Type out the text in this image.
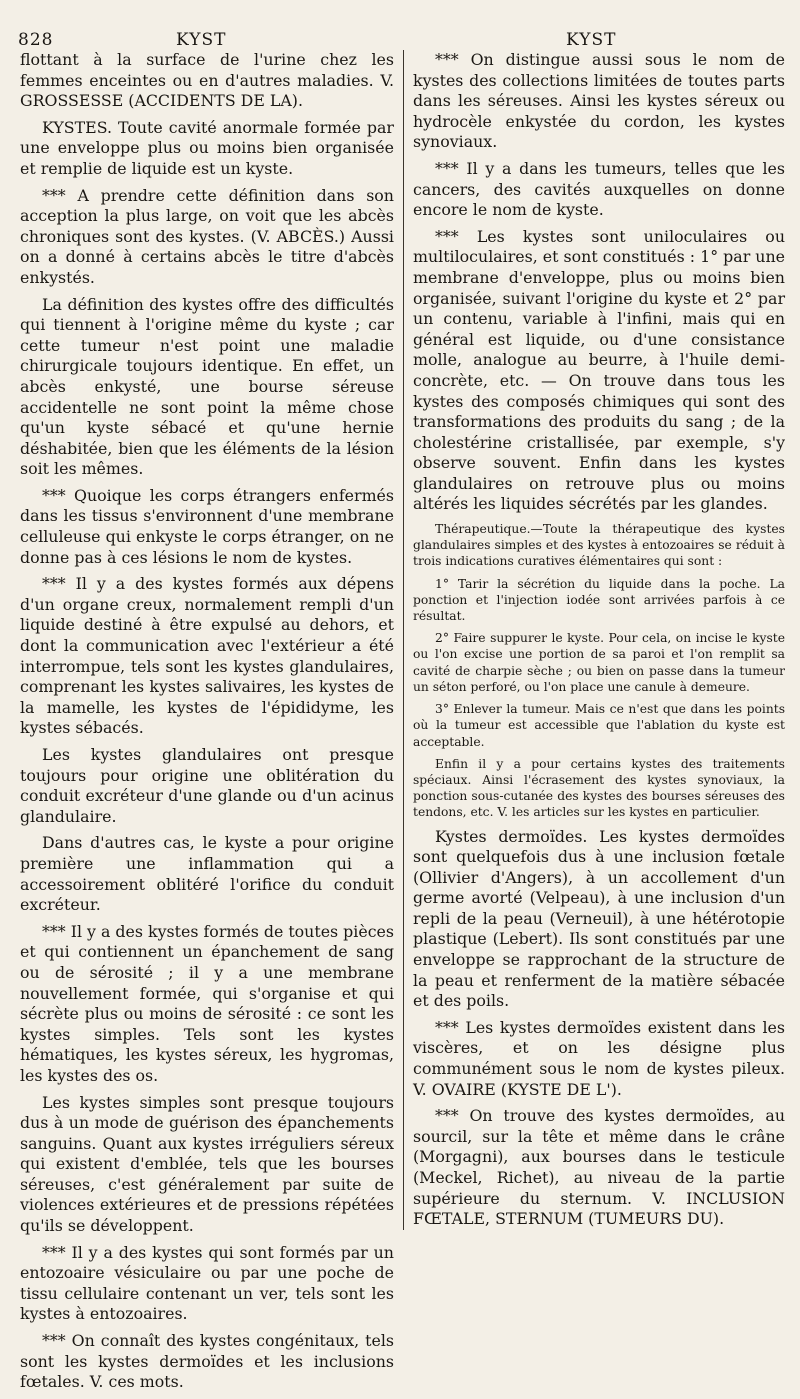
828	KYST	KYST

flottant à la surface de l'urine chez les femmes enceintes ou en d'autres maladies. V. GROSSESSE (ACCIDENTS DE LA).

KYSTES. Toute cavité anormale formée par une enveloppe plus ou moins bien organisée et remplie de liquide est un kyste.

*** A prendre cette définition dans son acception la plus large, on voit que les abcès chroniques sont des kystes. (V. ABCÈS.) Aussi on a donné à certains abcès le titre d'abcès enkystés.

La définition des kystes offre des difficultés qui tiennent à l'origine même du kyste ; car cette tumeur n'est point une maladie chirurgicale toujours identique. En effet, un abcès enkysté, une bourse séreuse accidentelle ne sont point la même chose qu'un kyste sébacé et qu'une hernie déshabitée, bien que les éléments de la lésion soit les mêmes.

*** Quoique les corps étrangers enfermés dans les tissus s'environnent d'une membrane celluleuse qui enkyste le corps étranger, on ne donne pas à ces lésions le nom de kystes.

*** Il y a des kystes formés aux dépens d'un organe creux, normalement rempli d'un liquide destiné à être expulsé au dehors, et dont la communication avec l'extérieur a été interrompue, tels sont les kystes glandulaires, comprenant les kystes salivaires, les kystes de la mamelle, les kystes de l'épididyme, les kystes sébacés.

Les kystes glandulaires ont presque toujours pour origine une oblitération du conduit excréteur d'une glande ou d'un acinus glandulaire.

Dans d'autres cas, le kyste a pour origine première une inflammation qui a accessoirement oblitéré l'orifice du conduit excréteur.

*** Il y a des kystes formés de toutes pièces et qui contiennent un épanchement de sang ou de sérosité ; il y a une membrane nouvellement formée, qui s'organise et qui sécrète plus ou moins de sérosité : ce sont les kystes simples. Tels sont les kystes hématiques, les kystes séreux, les hygromas, les kystes des os.

Les kystes simples sont presque toujours dus à un mode de guérison des épanchements sanguins. Quant aux kystes irréguliers séreux qui existent d'emblée, tels que les bourses séreuses, c'est généralement par suite de violences extérieures et de pressions répétées qu'ils se développent.

*** Il y a des kystes qui sont formés par un entozoaire vésiculaire ou par une poche de tissu cellulaire contenant un ver, tels sont les kystes à entozoaires.

*** On connaît des kystes congénitaux, tels sont les kystes dermoïdes et les inclusions fœtales. V. ces mots.

*** On distingue aussi sous le nom de kystes des collections limitées de toutes parts dans les séreuses. Ainsi les kystes séreux ou hydrocèle enkystée du cordon, les kystes synoviaux.

*** Il y a dans les tumeurs, telles que les cancers, des cavités auxquelles on donne encore le nom de kyste.

*** Les kystes sont uniloculaires ou multiloculaires, et sont constitués : 1° par une membrane d'enveloppe, plus ou moins bien organisée, suivant l'origine du kyste et 2° par un contenu, variable à l'infini, mais qui en général est liquide, ou d'une consistance molle, analogue au beurre, à l'huile demi-concrète, etc. — On trouve dans tous les kystes des composés chimiques qui sont des transformations des produits du sang ; de la cholestérine cristallisée, par exemple, s'y observe souvent. Enfin dans les kystes glandulaires on retrouve plus ou moins altérés les liquides sécrétés par les glandes.

Thérapeutique.—Toute la thérapeutique des kystes glandulaires simples et des kystes à entozoaires se réduit à trois indications curatives élémentaires qui sont :

1° Tarir la sécrétion du liquide dans la poche. La ponction et l'injection iodée sont arrivées parfois à ce résultat.

2° Faire suppurer le kyste. Pour cela, on incise le kyste ou l'on excise une portion de sa paroi et l'on remplit sa cavité de charpie sèche ; ou bien on passe dans la tumeur un séton perforé, ou l'on place une canule à demeure.

3° Enlever la tumeur. Mais ce n'est que dans les points où la tumeur est accessible que l'ablation du kyste est acceptable.

Enfin il y a pour certains kystes des traitements spéciaux. Ainsi l'écrasement des kystes synoviaux, la ponction sous-cutanée des kystes des bourses séreuses des tendons, etc. V. les articles sur les kystes en particulier.

Kystes dermoïdes. Les kystes dermoïdes sont quelquefois dus à une inclusion fœtale (Ollivier d'Angers), à un accollement d'un germe avorté (Velpeau), à une inclusion d'un repli de la peau (Verneuil), à une hétérotopie plastique (Lebert). Ils sont constitués par une enveloppe se rapprochant de la structure de la peau et renferment de la matière sébacée et des poils.

*** Les kystes dermoïdes existent dans les viscères, et on les désigne plus communément sous le nom de kystes pileux. V. OVAIRE (KYSTE DE L').

*** On trouve des kystes dermoïdes, au sourcil, sur la tête et même dans le crâne (Morgagni), aux bourses dans le testicule (Meckel, Richet), au niveau de la partie supérieure du sternum. V. INCLUSION FŒTALE, STERNUM (TUMEURS DU).
